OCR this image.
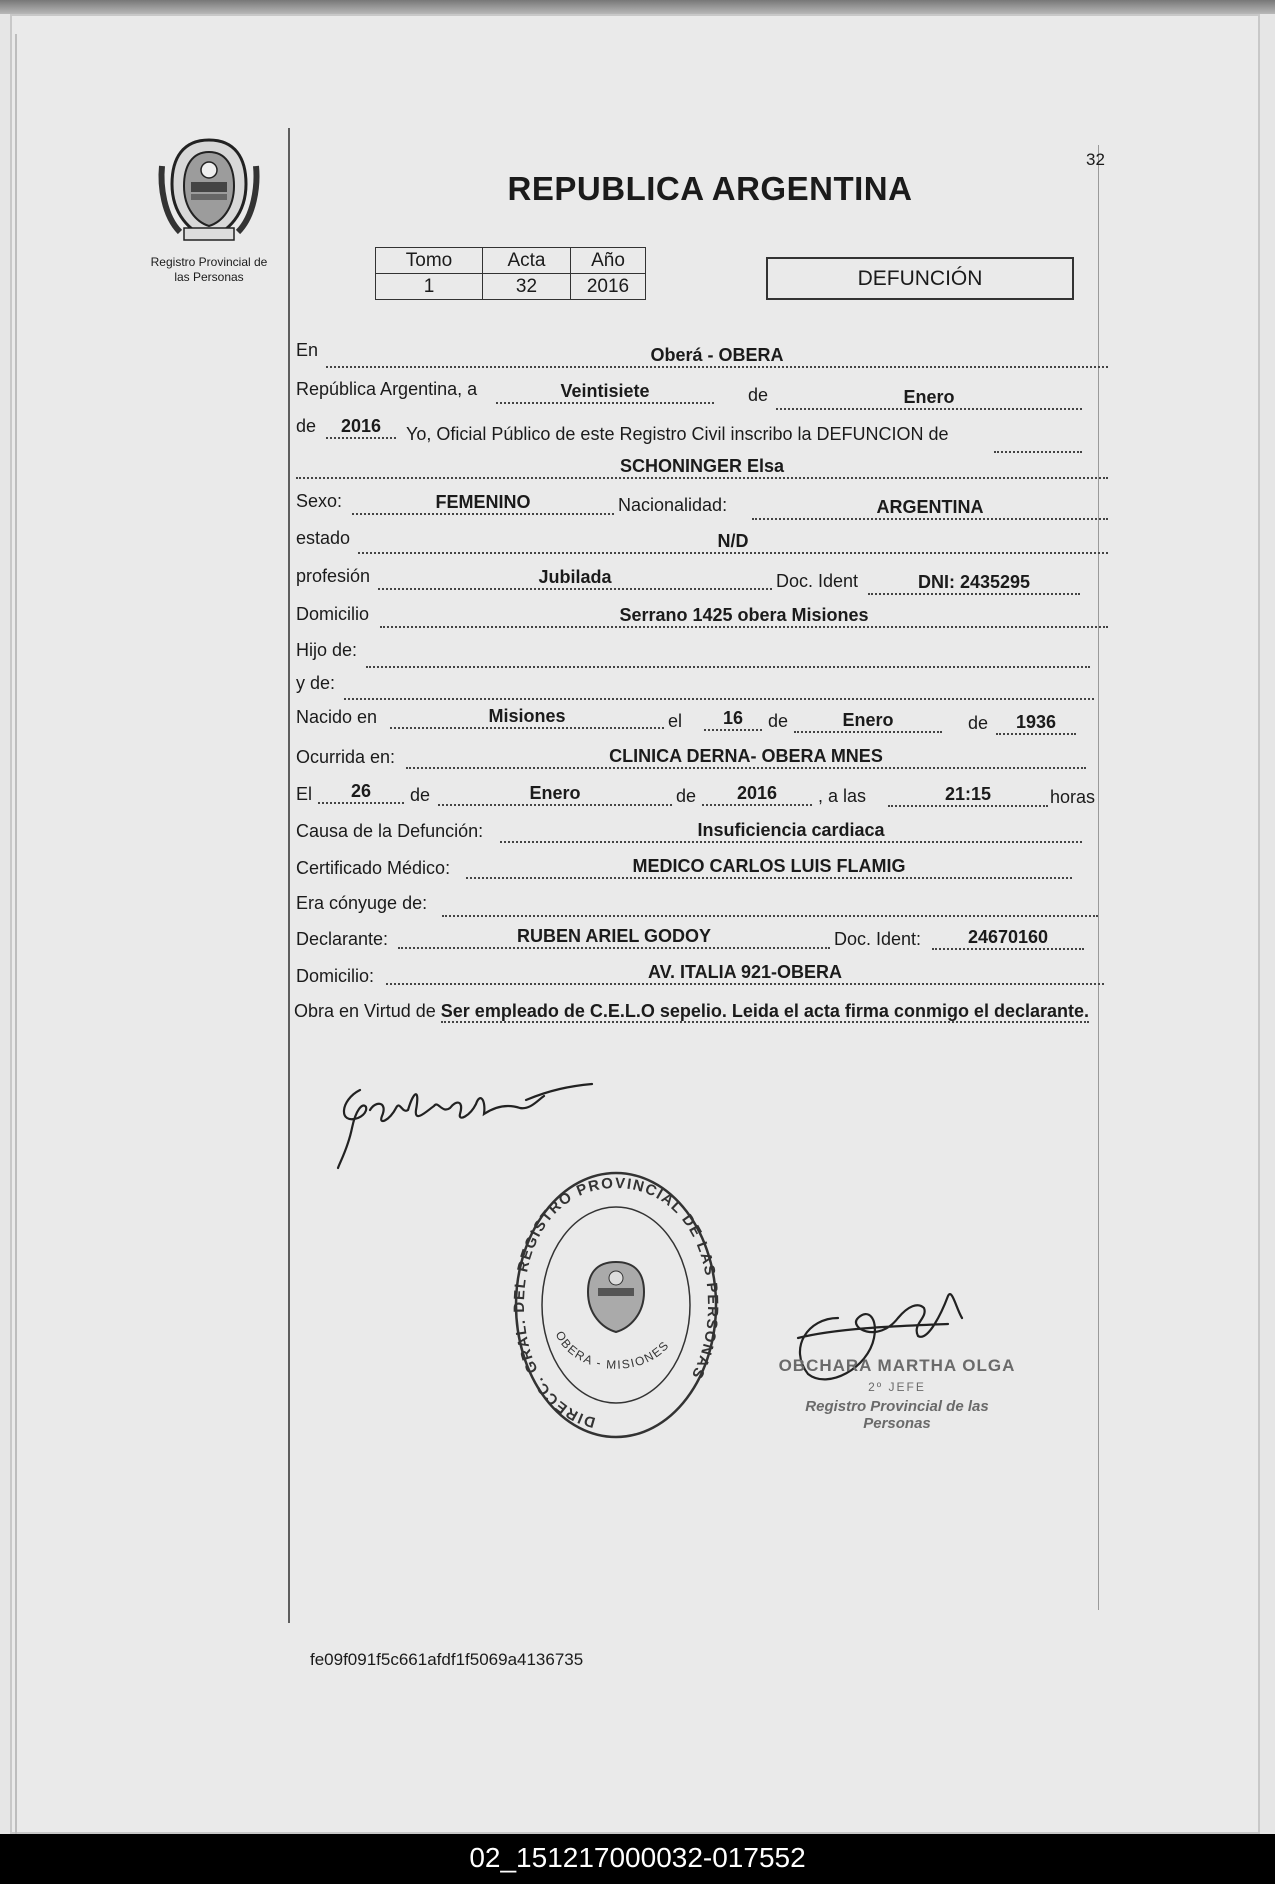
Registro Provincial de
las Personas
32
REPUBLICA ARGENTINA
Tomo	Acta	Año
1	32	2016	DEFUNCIÓN
En	Oberá - OBERA
República Argentina, a	Veintisiete	de	Enero
de	2016	Yo, Oficial Público de este Registro Civil inscribo la DEFUNCION de
SCHONINGER Elsa
Sexo:	FEMENINO	Nacionalidad:	ARGENTINA
estado	N/D
profesión	Jubilada	Doc. Ident	DNI: 2435295
Domicilio	Serrano 1425 obera Misiones
Hijo de:
y de:
Nacido en	Misiones	el	16	de	Enero	de	1936
Ocurrida en:	CLINICA DERNA- OBERA MNES
El	26	de	Enero	de	2016	, a las	21:15	horas
Causa de la Defunción:	Insuficiencia cardiaca
Certificado Médico:	MEDICO CARLOS LUIS FLAMIG
Era cónyuge de:
Declarante:	RUBEN ARIEL GODOY	Doc. Ident:	24670160
Domicilio:	AV. ITALIA 921-OBERA
Obra en Virtud de Ser empleado de C.E.L.O sepelio. Leida el acta firma conmigo el declarante.
DIRECC. GRAL. DEL REGISTRO PROVINCIAL DE LAS PERSONAS
OBERA - MISIONES
OBCHARA MARTHA OLGA
2º JEFE
Registro Provincial de las Personas
fe09f091f5c661afdf1f5069a4136735
02_151217000032-017552
